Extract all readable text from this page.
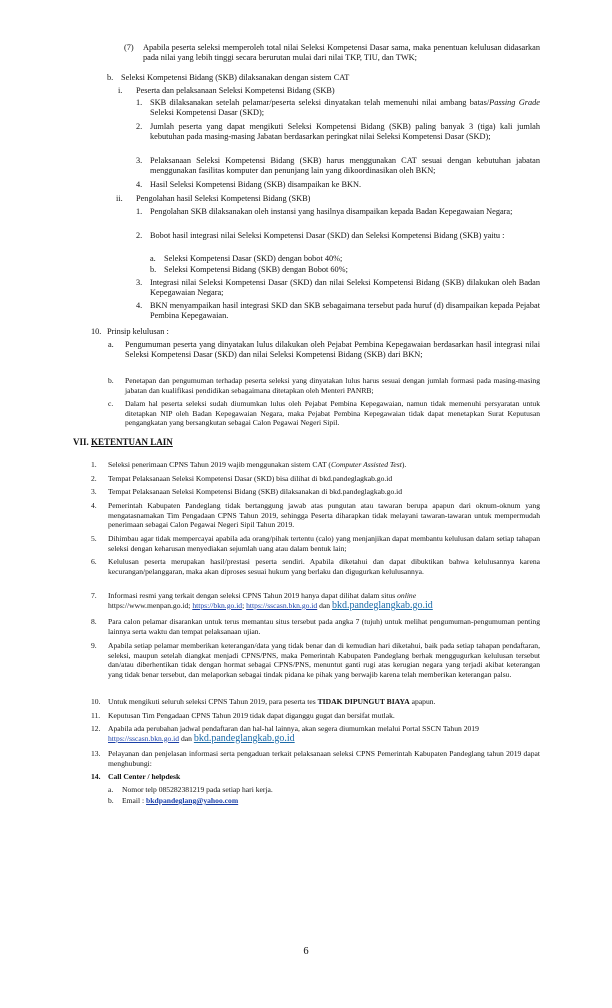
(7) Apabila peserta seleksi memperoleh total nilai Seleksi Kompetensi Dasar sama, maka penentuan kelulusan didasarkan pada nilai yang lebih tinggi secara berurutan mulai dari nilai TKP, TIU, dan TWK;
b. Seleksi Kompetensi Bidang (SKB) dilaksanakan dengan sistem CAT
i. Peserta dan pelaksanaan Seleksi Kompetensi Bidang (SKB)
1. SKB dilaksanakan setelah pelamar/peserta seleksi dinyatakan telah memenuhi nilai ambang batas/Passing Grade Seleksi Kompetensi Dasar (SKD);
2. Jumlah peserta yang dapat mengikuti Seleksi Kompetensi Bidang (SKB) paling banyak 3 (tiga) kali jumlah kebutuhan pada masing-masing Jabatan berdasarkan peringkat nilai Seleksi Kompetensi Dasar (SKD);
3. Pelaksanaan Seleksi Kompetensi Bidang (SKB) harus menggunakan CAT sesuai dengan kebutuhan jabatan menggunakan fasilitas komputer dan penunjang lain yang dikoordinasikan oleh BKN;
4. Hasil Seleksi Kompetensi Bidang (SKB) disampaikan ke BKN.
ii. Pengolahan hasil Seleksi Kompetensi Bidang (SKB)
1. Pengolahan SKB dilaksanakan oleh instansi yang hasilnya disampaikan kepada Badan Kepegawaian Negara;
2. Bobot hasil integrasi nilai Seleksi Kompetensi Dasar (SKD) dan Seleksi Kompetensi Bidang (SKB) yaitu :
a. Seleksi Kompetensi Dasar (SKD) dengan bobot 40%;
b. Seleksi Kompetensi Bidang (SKB) dengan Bobot 60%;
3. Integrasi nilai Seleksi Kompetensi Dasar (SKD) dan nilai Seleksi Kompetensi Bidang (SKB) dilakukan oleh Badan Kepegawaian Negara;
4. BKN menyampaikan hasil integrasi SKD dan SKB sebagaimana tersebut pada huruf (d) disampaikan kepada Pejabat Pembina Kepegawaian.
10. Prinsip kelulusan :
a. Pengumuman peserta yang dinyatakan lulus dilakukan oleh Pejabat Pembina Kepegawaian berdasarkan hasil integrasi nilai Seleksi Kompetensi Dasar (SKD) dan nilai Seleksi Kompetensi Bidang (SKB) dari BKN;
b. Penetapan dan pengumuman terhadap peserta seleksi yang dinyatakan lulus harus sesuai dengan jumlah formasi pada masing-masing jabatan dan kualifikasi pendidikan sebagaimana ditetapkan oleh Menteri PANRB;
c. Dalam hal peserta seleksi sudah diumumkan lulus oleh Pejabat Pembina Kepegawaian, namun tidak memenuhi persyaratan untuk ditetapkan NIP oleh Badan Kepegawaian Negara, maka Pejabat Pembina Kepegawaian tidak dapat menetapkan Surat Keputusan pengangkatan yang bersangkutan sebagai Calon Pegawai Negeri Sipil.
VII. KETENTUAN LAIN
1. Seleksi penerimaan CPNS Tahun 2019 wajib menggunakan sistem CAT (Computer Assisted Test).
2. Tempat Pelaksanaan Seleksi Kompetensi Dasar (SKD) bisa dilihat di bkd.pandeglagkab.go.id
3. Tempat Pelaksanaan Seleksi Kompetensi Bidang (SKB) dilaksanakan di bkd.pandeglagkab.go.id
4. Pemerintah Kabupaten Pandeglang tidak bertanggung jawab atas pungutan atau tawaran berupa apapun dari oknum-oknum yang mengatasnamakan Tim Pengadaan CPNS Tahun 2019, sehingga Peserta diharapkan tidak melayani tawaran-tawaran untuk mempermudah penerimaan sebagai Calon Pegawai Negeri Sipil Tahun 2019.
5. Dihimbau agar tidak mempercayai apabila ada orang/pihak tertentu (calo) yang menjanjikan dapat membantu kelulusan dalam setiap tahapan seleksi dengan keharusan menyediakan sejumlah uang atau dalam bentuk lain;
6. Kelulusan peserta merupakan hasil/prestasi peserta sendiri. Apabila diketahui dan dapat dibuktikan bahwa kelulusannya karena kecurangan/pelanggaran, maka akan diproses sesuai hukum yang berlaku dan digugurkan kelulusannya.
7. Informasi resmi yang terkait dengan seleksi CPNS Tahun 2019 hanya dapat dilihat dalam situs online
https://www.menpan.go.id; https://bkn.go.id; https://sscasn.bkn.go.id dan bkd.pandeglangkab.go.id
8. Para calon pelamar disarankan untuk terus memantau situs tersebut pada angka 7 (tujuh) untuk melihat pengumuman-pengumuman penting lainnya serta waktu dan tempat pelaksanaan ujian.
9. Apabila setiap pelamar memberikan keterangan/data yang tidak benar dan di kemudian hari diketahui, baik pada setiap tahapan pendaftaran, seleksi, maupun setelah diangkat menjadi CPNS/PNS, maka Pemerintah Kabupaten Pandeglang berhak menggugurkan kelulusan tersebut dan/atau diberhentikan tidak dengan hormat sebagai CPNS/PNS, menuntut ganti rugi atas kerugian negara yang terjadi akibat keterangan yang tidak benar tersebut, dan melaporkan sebagai tindak pidana ke pihak yang berwajib karena telah memberikan keterangan palsu.
10. Untuk mengikuti seluruh seleksi CPNS Tahun 2019, para peserta tes TIDAK DIPUNGUT BIAYA apapun.
11. Keputusan Tim Pengadaan CPNS Tahun 2019 tidak dapat diganggu gugat dan bersifat mutlak.
12. Apabila ada perubahan jadwal pendaftaran dan hal-hal lainnya, akan segera diumumkan melalui Portal SSCN Tahun 2019 https://sscasn.bkn.go.id dan bkd.pandeglangkab.go.id
13. Pelayanan dan penjelasan informasi serta pengaduan terkait pelaksanaan seleksi CPNS Pemerintah Kabupaten Pandeglang tahun 2019 dapat menghubungi:
14. Call Center / helpdesk
a. Nomor telp 085282381219 pada setiap hari kerja.
b. Email : bkdpandeglang@yahoo.com
6
